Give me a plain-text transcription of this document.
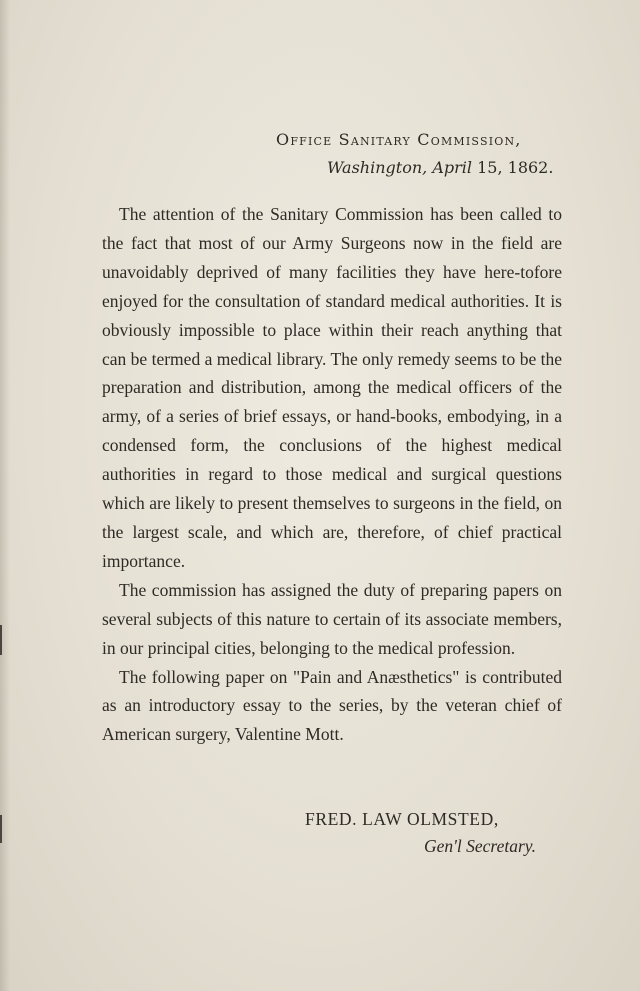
Office Sanitary Commission,
Washington, April 15, 1862.

The attention of the Sanitary Commission has been called to the fact that most of our Army Surgeons now in the field are unavoidably deprived of many facilities they have here-tofore enjoyed for the consultation of standard medical authorities. It is obviously impossible to place within their reach anything that can be termed a medical library. The only remedy seems to be the preparation and distribution, among the medical officers of the army, of a series of brief essays, or hand-books, embodying, in a condensed form, the conclusions of the highest medical authorities in regard to those medical and surgical questions which are likely to present themselves to surgeons in the field, on the largest scale, and which are, therefore, of chief practical importance.

The commission has assigned the duty of preparing papers on several subjects of this nature to certain of its associate members, in our principal cities, belonging to the medical profession.

The following paper on "Pain and Anæsthetics" is contributed as an introductory essay to the series, by the veteran chief of American surgery, Valentine Mott.

FRED. LAW OLMSTED,
Gen'l Secretary.
